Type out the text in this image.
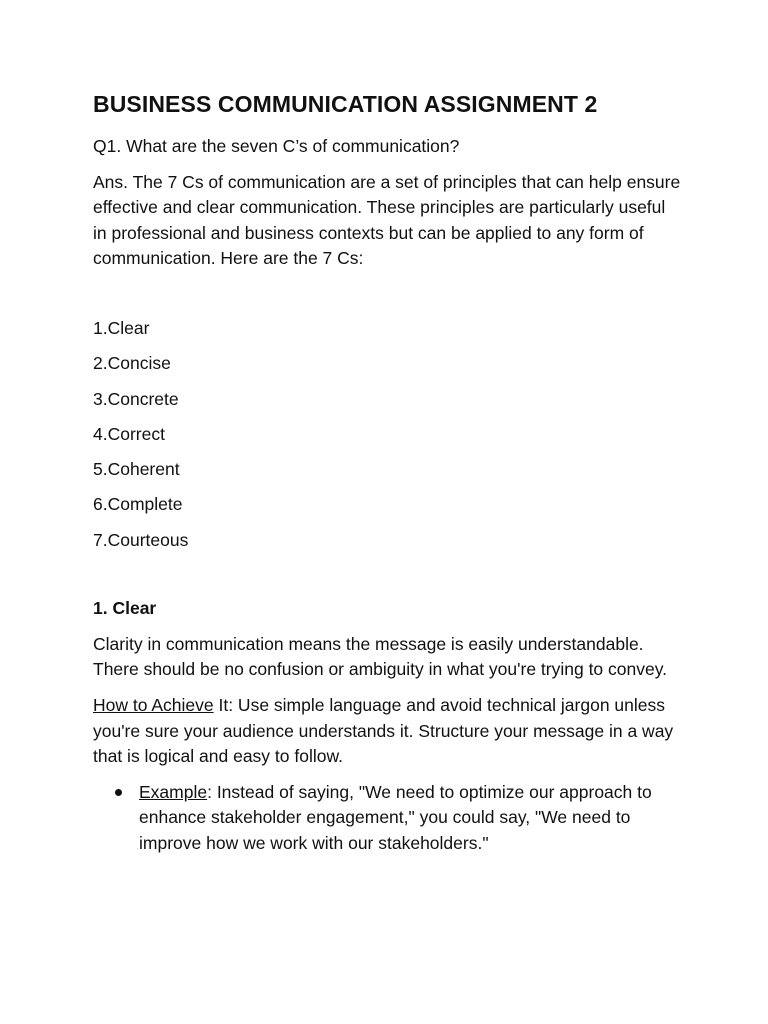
BUSINESS COMMUNICATION ASSIGNMENT 2

Q1. What are the seven C’s of communication?

Ans. The 7 Cs of communication are a set of principles that can help ensure effective and clear communication. These principles are particularly useful in professional and business contexts but can be applied to any form of communication. Here are the 7 Cs:

1.Clear
2.Concise
3.Concrete
4.Correct
5.Coherent
6.Complete
7.Courteous
1. Clear

Clarity in communication means the message is easily understandable. There should be no confusion or ambiguity in what you're trying to convey.

How to Achieve It: Use simple language and avoid technical jargon unless you're sure your audience understands it. Structure your message in a way that is logical and easy to follow.

Example: Instead of saying, "We need to optimize our approach to enhance stakeholder engagement," you could say, "We need to improve how we work with our stakeholders."
